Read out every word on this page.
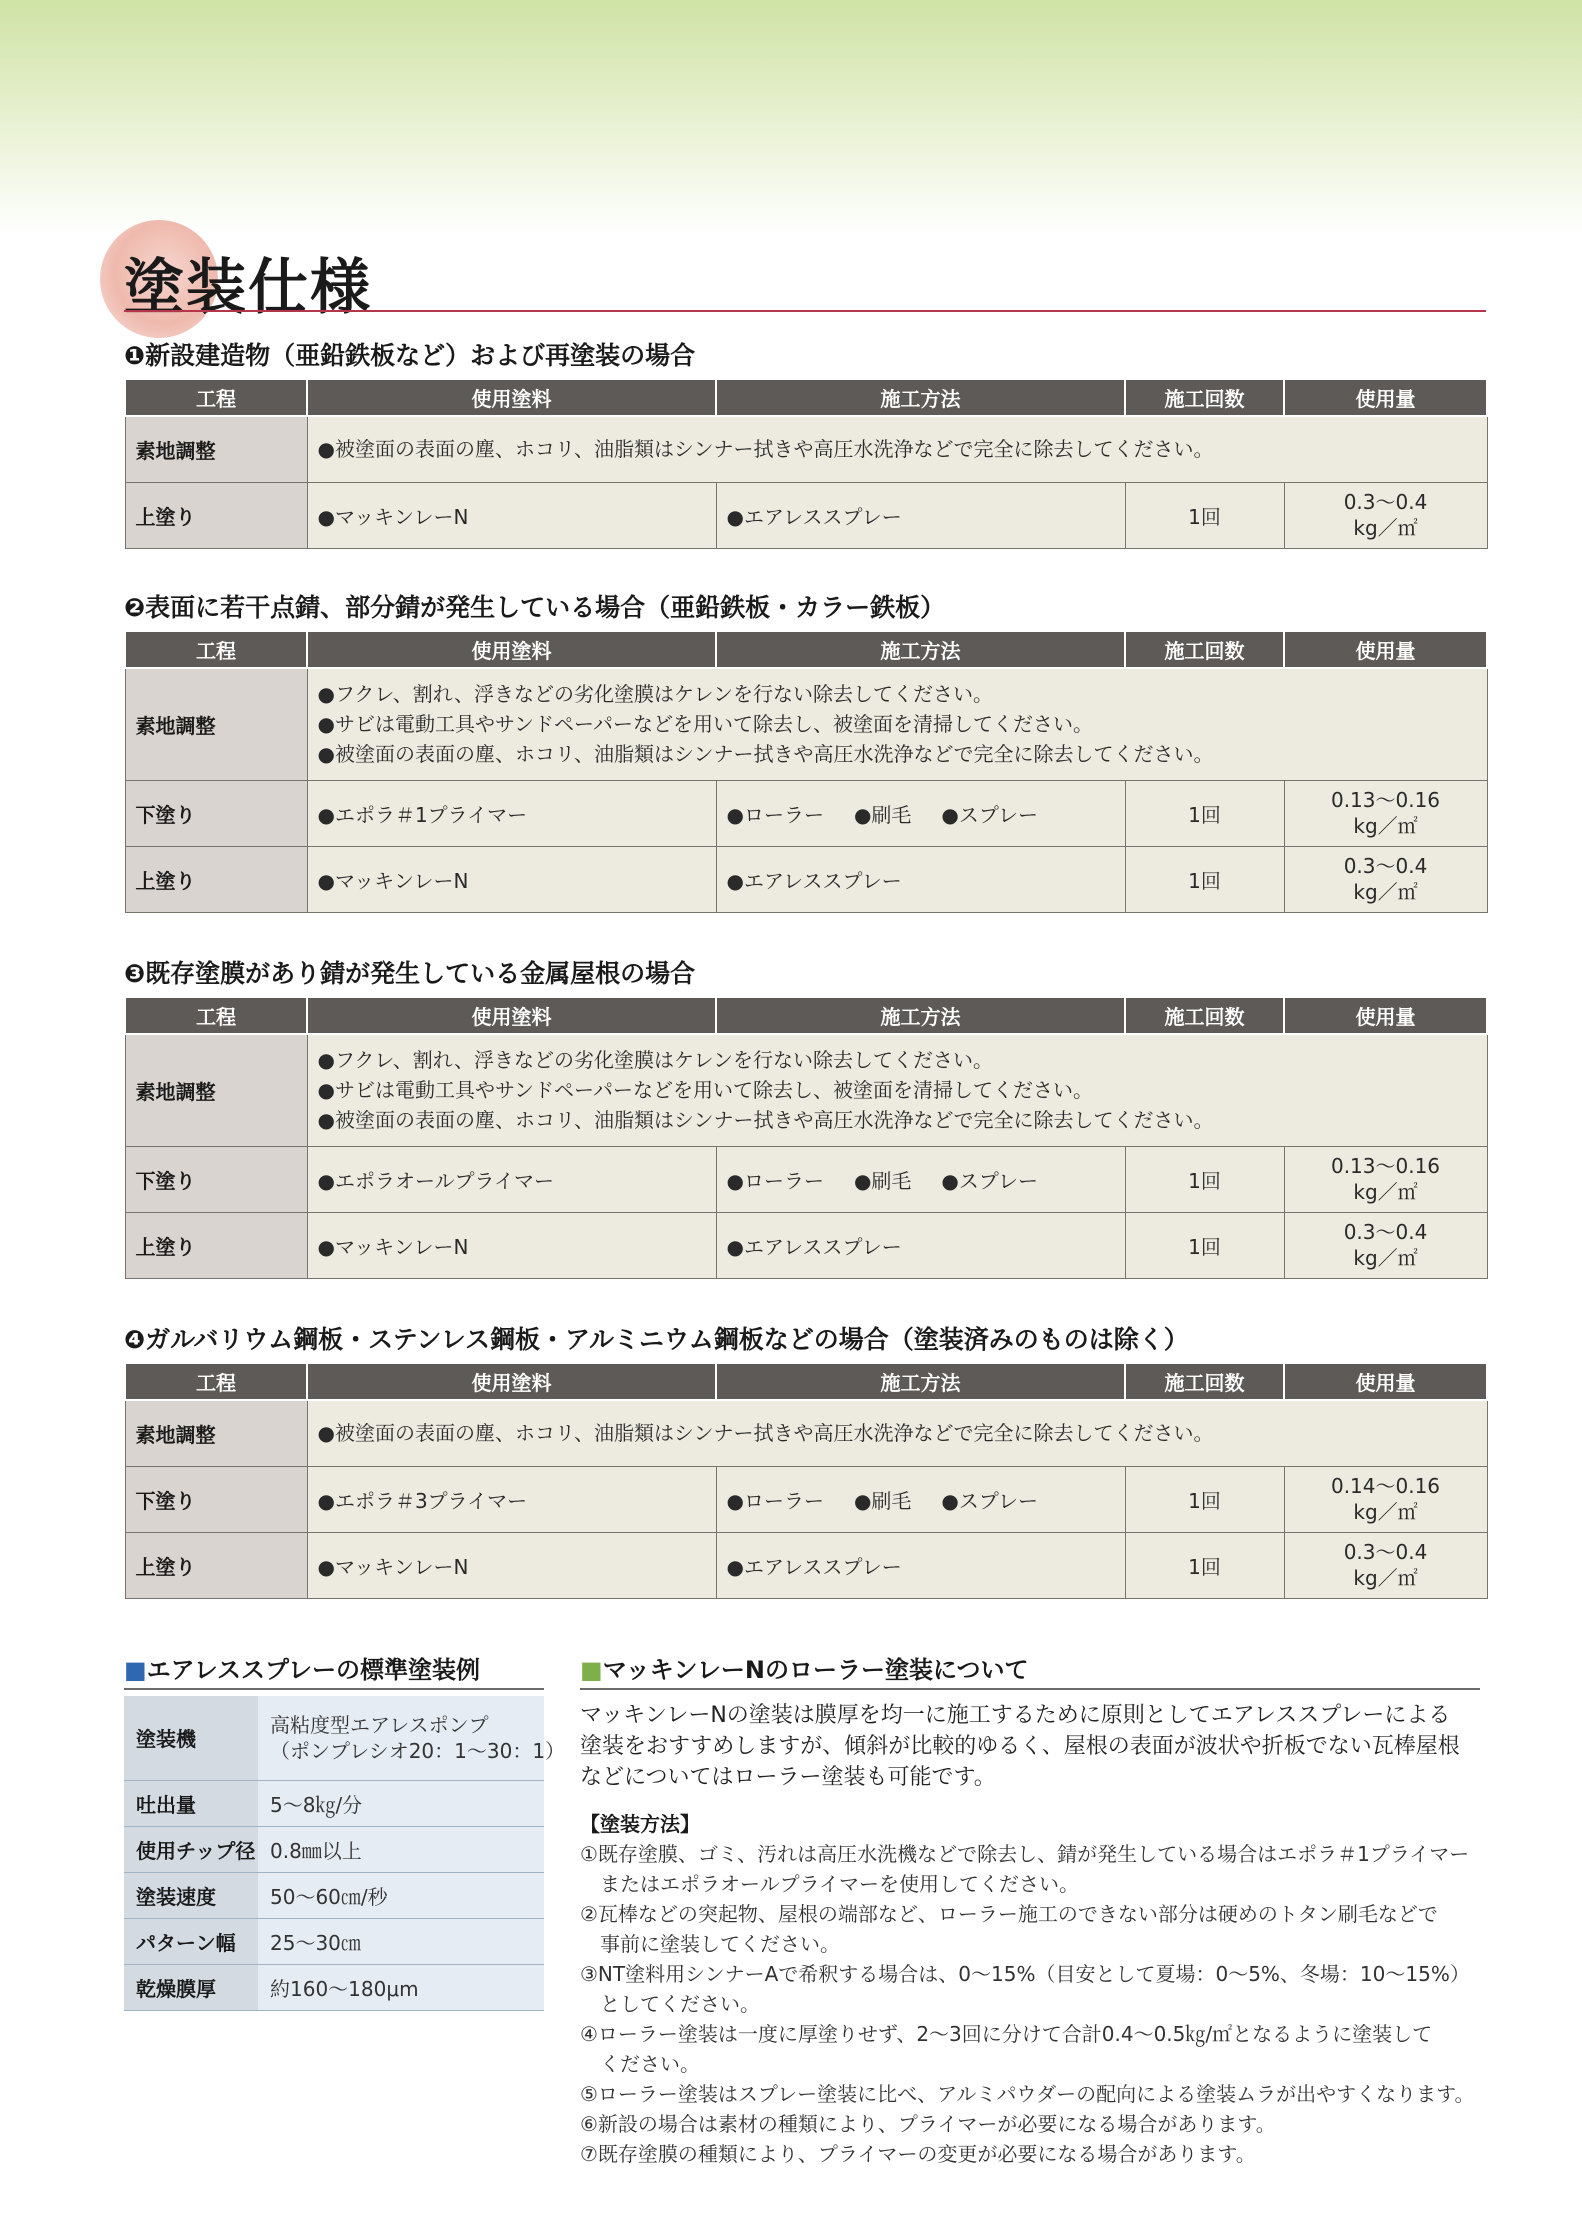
塗装仕様
❶新設建造物（亜鉛鉄板など）および再塗装の場合
工程	使用塗料	施工方法	施工回数	使用量
素地調整	●被塗面の表面の塵、ホコリ、油脂類はシンナー拭きや高圧水洗浄などで完全に除去してください。			

上塗り	●マッキンレーN	●エアレススプレー	1回	0.3〜0.4
kg／㎡
❷表面に若干点錆、部分錆が発生している場合（亜鉛鉄板・カラー鉄板）
工程	使用塗料	施工方法	施工回数	使用量
素地調整	●フクレ、割れ、浮きなどの劣化塗膜はケレンを行ない除去してください。
●サビは電動工具やサンドペーパーなどを用いて除去し、被塗面を清掃してください。
●被塗面の表面の塵、ホコリ、油脂類はシンナー拭きや高圧水洗浄などで完全に除去してください。			

下塗り	●エポラ＃1プライマー	●ローラー ●刷毛 ●スプレー	1回	0.13〜0.16
kg／㎡

上塗り	●マッキンレーN	●エアレススプレー	1回	0.3〜0.4
kg／㎡
❸既存塗膜があり錆が発生している金属屋根の場合
工程	使用塗料	施工方法	施工回数	使用量
素地調整	●フクレ、割れ、浮きなどの劣化塗膜はケレンを行ない除去してください。
●サビは電動工具やサンドペーパーなどを用いて除去し、被塗面を清掃してください。
●被塗面の表面の塵、ホコリ、油脂類はシンナー拭きや高圧水洗浄などで完全に除去してください。			

下塗り	●エポラオールプライマー	●ローラー ●刷毛 ●スプレー	1回	0.13〜0.16
kg／㎡

上塗り	●マッキンレーN	●エアレススプレー	1回	0.3〜0.4
kg／㎡
❹ガルバリウム鋼板・ステンレス鋼板・アルミニウム鋼板などの場合（塗装済みのものは除く）
工程	使用塗料	施工方法	施工回数	使用量
素地調整	●被塗面の表面の塵、ホコリ、油脂類はシンナー拭きや高圧水洗浄などで完全に除去してください。			

下塗り	●エポラ＃3プライマー	●ローラー ●刷毛 ●スプレー	1回	0.14〜0.16
kg／㎡

上塗り	●マッキンレーN	●エアレススプレー	1回	0.3〜0.4
kg／㎡
■エアレススプレーの標準塗装例
塗装機	高粘度型エアレスポンプ
（ポンプレシオ20：1〜30：1）

吐出量	5〜8㎏/分
使用チップ径	0.8㎜以上
塗装速度	50〜60㎝/秒
パターン幅	25〜30㎝
乾燥膜厚	約160〜180μm
■マッキンレーNのローラー塗装について
マッキンレーNの塗装は膜厚を均一に施工するために原則としてエアレススプレーによる
塗装をおすすめしますが、傾斜が比較的ゆるく、屋根の表面が波状や折板でない瓦棒屋根
などについてはローラー塗装も可能です。
【塗装方法】
①既存塗膜、ゴミ、汚れは高圧水洗機などで除去し、錆が発生している場合はエポラ＃1プライマー
またはエポラオールプライマーを使用してください。
②瓦棒などの突起物、屋根の端部など、ローラー施工のできない部分は硬めのトタン刷毛などで
事前に塗装してください。
③NT塗料用シンナーAで希釈する場合は、0〜15%（目安として夏場：0〜5%、冬場：10〜15%）
としてください。
④ローラー塗装は一度に厚塗りせず、2〜3回に分けて合計0.4〜0.5㎏/㎡となるように塗装して
ください。
⑤ローラー塗装はスプレー塗装に比べ、アルミパウダーの配向による塗装ムラが出やすくなります。
⑥新設の場合は素材の種類により、プライマーが必要になる場合があります。
⑦既存塗膜の種類により、プライマーの変更が必要になる場合があります。
